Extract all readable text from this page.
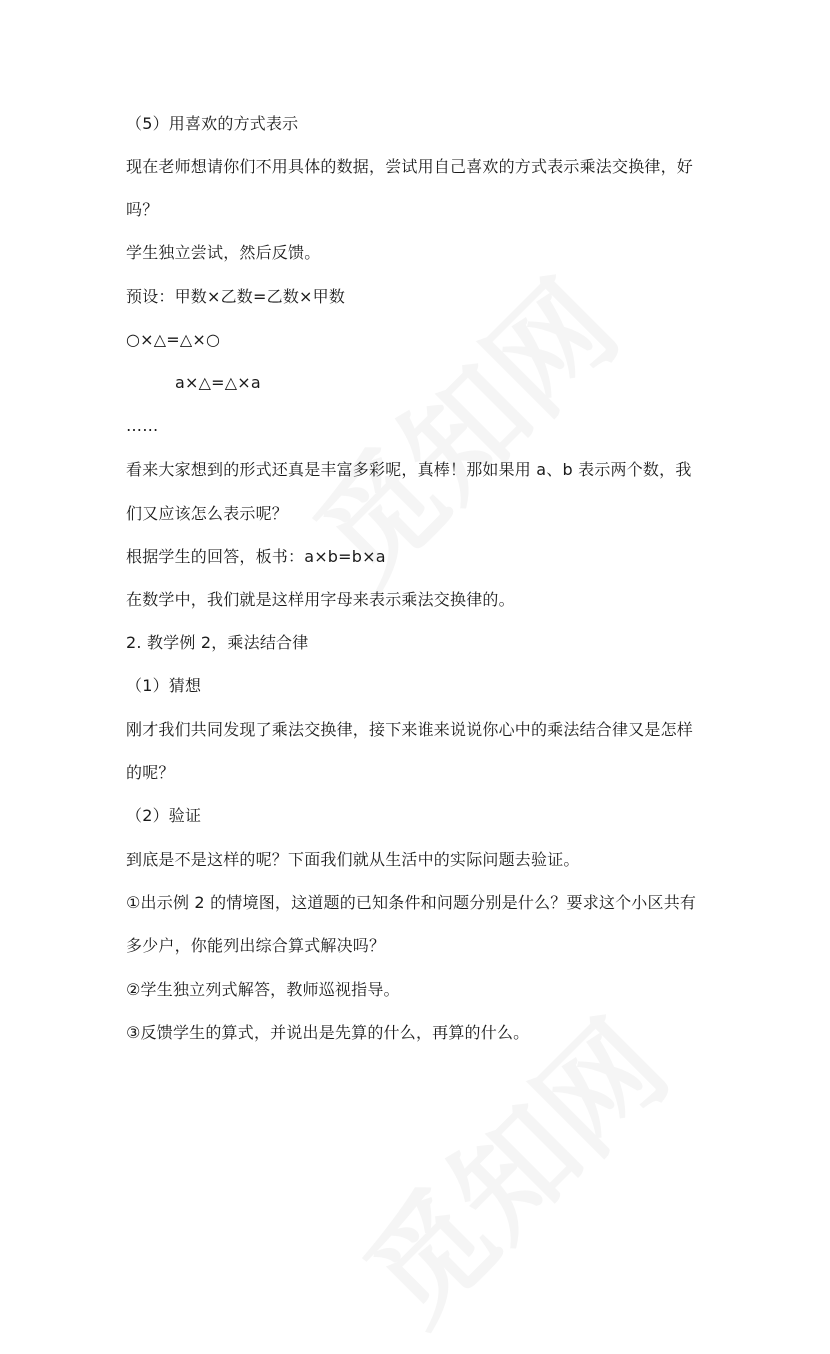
（5）用喜欢的方式表示
现在老师想请你们不用具体的数据，尝试用自己喜欢的方式表示乘法交换律，好
吗？
学生独立尝试，然后反馈。
预设：甲数×乙数=乙数×甲数
○×△=△×○
a×△=△×a
……
看来大家想到的形式还真是丰富多彩呢，真棒！那如果用 a、b 表示两个数，我
们又应该怎么表示呢？
根据学生的回答，板书：a×b=b×a
在数学中，我们就是这样用字母来表示乘法交换律的。
2. 教学例 2，乘法结合律
（1）猜想
刚才我们共同发现了乘法交换律，接下来谁来说说你心中的乘法结合律又是怎样
的呢？
（2）验证
到底是不是这样的呢？下面我们就从生活中的实际问题去验证。
①出示例 2 的情境图，这道题的已知条件和问题分别是什么？要求这个小区共有
多少户，你能列出综合算式解决吗？
②学生独立列式解答，教师巡视指导。
③反馈学生的算式，并说出是先算的什么，再算的什么。
